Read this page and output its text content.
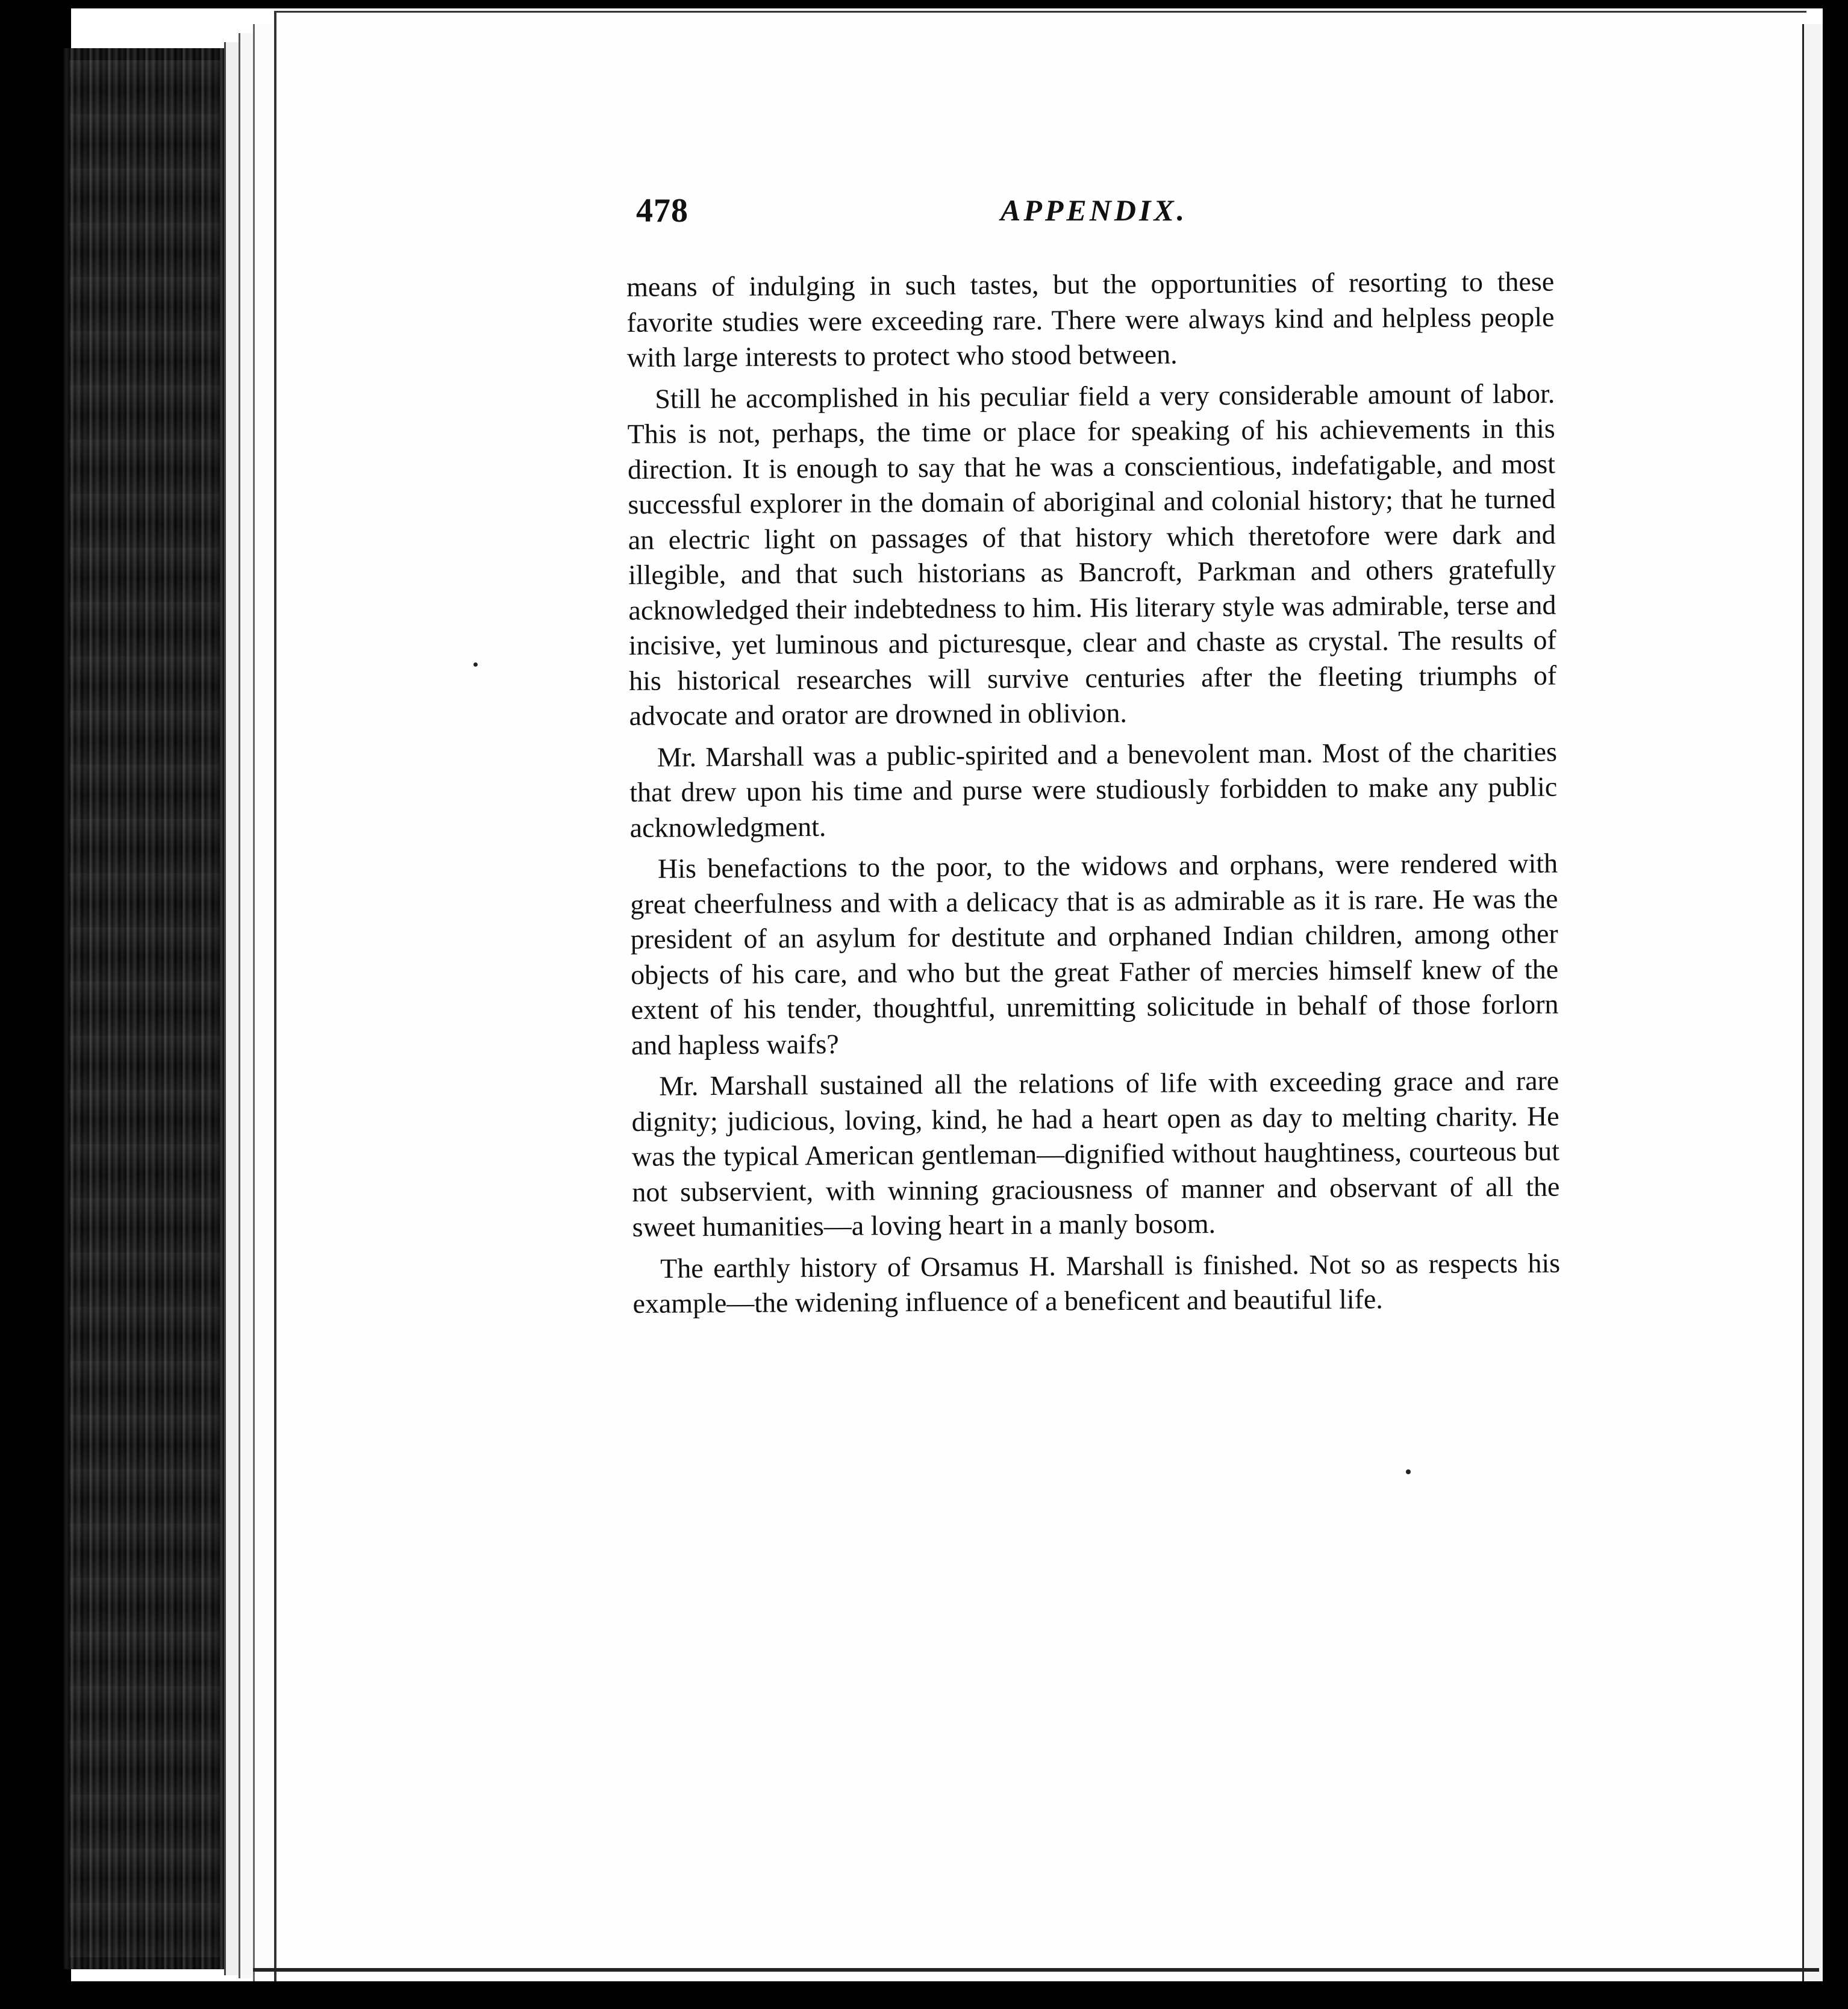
478	APPENDIX.

means of indulging in such tastes, but the opportunities of resorting to these favorite studies were exceeding rare. There were always kind and helpless people with large interests to protect who stood between.

Still he accomplished in his peculiar field a very considerable amount of labor. This is not, perhaps, the time or place for speaking of his achievements in this direction. It is enough to say that he was a conscientious, indefatigable, and most successful explorer in the domain of aboriginal and colonial history; that he turned an electric light on passages of that history which theretofore were dark and illegible, and that such historians as Bancroft, Parkman and others gratefully acknowledged their indebtedness to him. His literary style was admirable, terse and incisive, yet luminous and picturesque, clear and chaste as crystal. The results of his historical researches will survive centuries after the fleeting triumphs of advocate and orator are drowned in oblivion.

Mr. Marshall was a public-spirited and a benevolent man. Most of the charities that drew upon his time and purse were studiously forbidden to make any public acknowledgment.

His benefactions to the poor, to the widows and orphans, were rendered with great cheerfulness and with a delicacy that is as admirable as it is rare. He was the president of an asylum for destitute and orphaned Indian children, among other objects of his care, and who but the great Father of mercies himself knew of the extent of his tender, thoughtful, unremitting solicitude in behalf of those forlorn and hapless waifs?

Mr. Marshall sustained all the relations of life with exceeding grace and rare dignity; judicious, loving, kind, he had a heart open as day to melting charity. He was the typical American gentleman—dignified without haughtiness, courteous but not subservient, with winning graciousness of manner and observant of all the sweet humanities—a loving heart in a manly bosom.

The earthly history of Orsamus H. Marshall is finished. Not so as respects his example—the widening influence of a beneficent and beautiful life.
